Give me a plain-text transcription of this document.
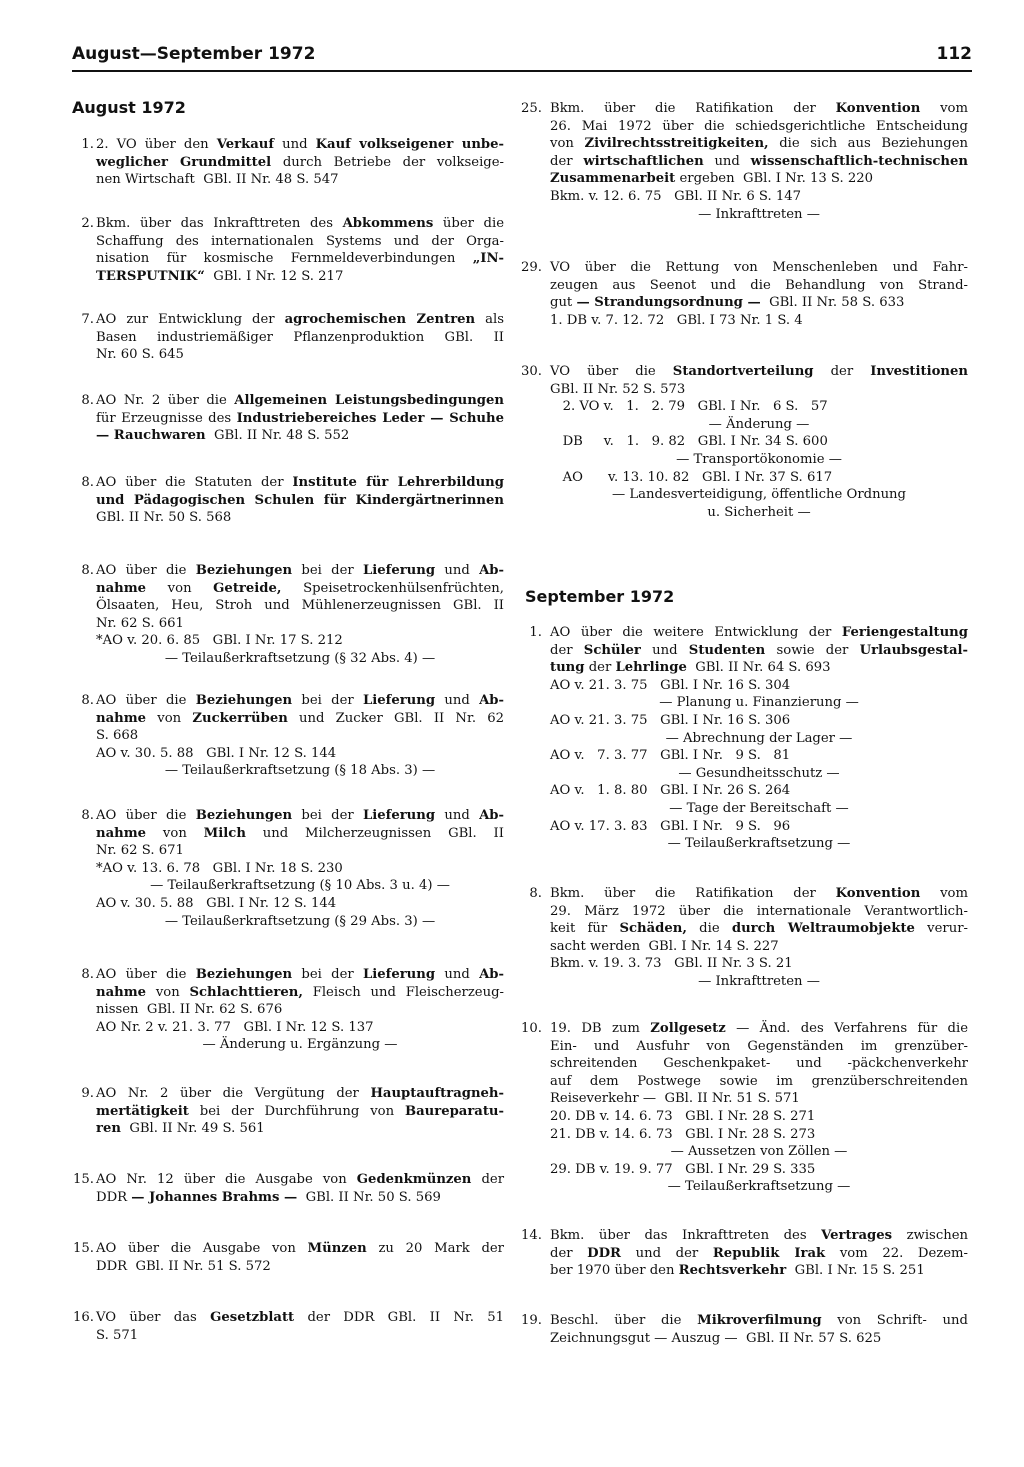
August—September 1972	112
August 1972
September 1972
1. 2. VO über den Verkauf und Kauf volkseigener unbe-
weglicher Grundmittel durch Betriebe der volkseige-
nen Wirtschaft  GBl. II Nr. 48 S. 547
2. Bkm. über das Inkrafttreten des Abkommens über die
Schaffung des internationalen Systems und der Orga-
nisation für kosmische Fernmeldeverbindungen „IN-
TERSPUTNIK“  GBl. I Nr. 12 S. 217
7. AO zur Entwicklung der agrochemischen Zentren als
Basen industriemäßiger Pflanzenproduktion GBl. II
Nr. 60 S. 645
8. AO Nr. 2 über die Allgemeinen Leistungsbedingungen
für Erzeugnisse des Industriebereiches Leder — Schuhe
— Rauchwaren  GBl. II Nr. 48 S. 552
8. AO über die Statuten der Institute für Lehrerbildung
und Pädagogischen Schulen für Kindergärtnerinnen
GBl. II Nr. 50 S. 568
8. AO über die Beziehungen bei der Lieferung und Ab-
nahme von Getreide, Speisetrockenhülsenfrüchten,
Ölsaaten, Heu, Stroh und Mühlenerzeugnissen GBl. II
Nr. 62 S. 661
*AO v. 20. 6. 85   GBl. I Nr. 17 S. 212
— Teilaußerkraftsetzung (§ 32 Abs. 4) —
8. AO über die Beziehungen bei der Lieferung und Ab-
nahme von Zuckerrüben und Zucker GBl. II Nr. 62
S. 668
AO v. 30. 5. 88   GBl. I Nr. 12 S. 144
— Teilaußerkraftsetzung (§ 18 Abs. 3) —
8. AO über die Beziehungen bei der Lieferung und Ab-
nahme von Milch und Milcherzeugnissen GBl. II
Nr. 62 S. 671
*AO v. 13. 6. 78   GBl. I Nr. 18 S. 230
— Teilaußerkraftsetzung (§ 10 Abs. 3 u. 4) —
AO v. 30. 5. 88   GBl. I Nr. 12 S. 144
— Teilaußerkraftsetzung (§ 29 Abs. 3) —
8. AO über die Beziehungen bei der Lieferung und Ab-
nahme von Schlachttieren, Fleisch und Fleischerzeug-
nissen  GBl. II Nr. 62 S. 676
AO Nr. 2 v. 21. 3. 77   GBl. I Nr. 12 S. 137
— Änderung u. Ergänzung —
9. AO Nr. 2 über die Vergütung der Hauptauftragneh-
mertätigkeit bei der Durchführung von Baureparatu-
ren  GBl. II Nr. 49 S. 561
15. AO Nr. 12 über die Ausgabe von Gedenkmünzen der
DDR — Johannes Brahms —  GBl. II Nr. 50 S. 569
15. AO über die Ausgabe von Münzen zu 20 Mark der
DDR  GBl. II Nr. 51 S. 572
16. VO über das Gesetzblatt der DDR GBl. II Nr. 51
S. 571
25. Bkm. über die Ratifikation der Konvention vom
26. Mai 1972 über die schiedsgerichtliche Entscheidung
von Zivilrechtsstreitigkeiten, die sich aus Beziehungen
der wirtschaftlichen und wissenschaftlich-technischen
Zusammenarbeit ergeben  GBl. I Nr. 13 S. 220
Bkm. v. 12. 6. 75   GBl. II Nr. 6 S. 147
— Inkrafttreten —
29. VO über die Rettung von Menschenleben und Fahr-
zeugen aus Seenot und die Behandlung von Strand-
gut — Strandungsordnung —  GBl. II Nr. 58 S. 633
1. DB v. 7. 12. 72   GBl. I 73 Nr. 1 S. 4
30. VO über die Standortverteilung der Investitionen
GBl. II Nr. 52 S. 573
2. VO v.   1.   2. 79   GBl. I Nr.   6 S.   57
— Änderung —
DB     v.   1.   9. 82   GBl. I Nr. 34 S. 600
— Transportökonomie —
AO      v. 13. 10. 82   GBl. I Nr. 37 S. 617
— Landesverteidigung, öffentliche Ordnung
u. Sicherheit —
1. AO über die weitere Entwicklung der Feriengestaltung
der Schüler und Studenten sowie der Urlaubsgestal-
tung der Lehrlinge  GBl. II Nr. 64 S. 693
AO v. 21. 3. 75   GBl. I Nr. 16 S. 304
— Planung u. Finanzierung —
AO v. 21. 3. 75   GBl. I Nr. 16 S. 306
— Abrechnung der Lager —
AO v.   7. 3. 77   GBl. I Nr.   9 S.   81
— Gesundheitsschutz —
AO v.   1. 8. 80   GBl. I Nr. 26 S. 264
— Tage der Bereitschaft —
AO v. 17. 3. 83   GBl. I Nr.   9 S.   96
— Teilaußerkraftsetzung —
8. Bkm. über die Ratifikation der Konvention vom
29. März 1972 über die internationale Verantwortlich-
keit für Schäden, die durch Weltraumobjekte verur-
sacht werden  GBl. I Nr. 14 S. 227
Bkm. v. 19. 3. 73   GBl. II Nr. 3 S. 21
— Inkrafttreten —
10. 19. DB zum Zollgesetz — Änd. des Verfahrens für die
Ein- und Ausfuhr von Gegenständen im grenzüber-
schreitenden Geschenkpaket- und -päckchenverkehr
auf dem Postwege sowie im grenzüberschreitenden
Reiseverkehr —  GBl. II Nr. 51 S. 571
20. DB v. 14. 6. 73   GBl. I Nr. 28 S. 271
21. DB v. 14. 6. 73   GBl. I Nr. 28 S. 273
— Aussetzen von Zöllen —
29. DB v. 19. 9. 77   GBl. I Nr. 29 S. 335
— Teilaußerkraftsetzung —
14. Bkm. über das Inkrafttreten des Vertrages zwischen
der DDR und der Republik Irak vom 22. Dezem-
ber 1970 über den Rechtsverkehr  GBl. I Nr. 15 S. 251
19. Beschl. über die Mikroverfilmung von Schrift- und
Zeichnungsgut — Auszug —  GBl. II Nr. 57 S. 625
